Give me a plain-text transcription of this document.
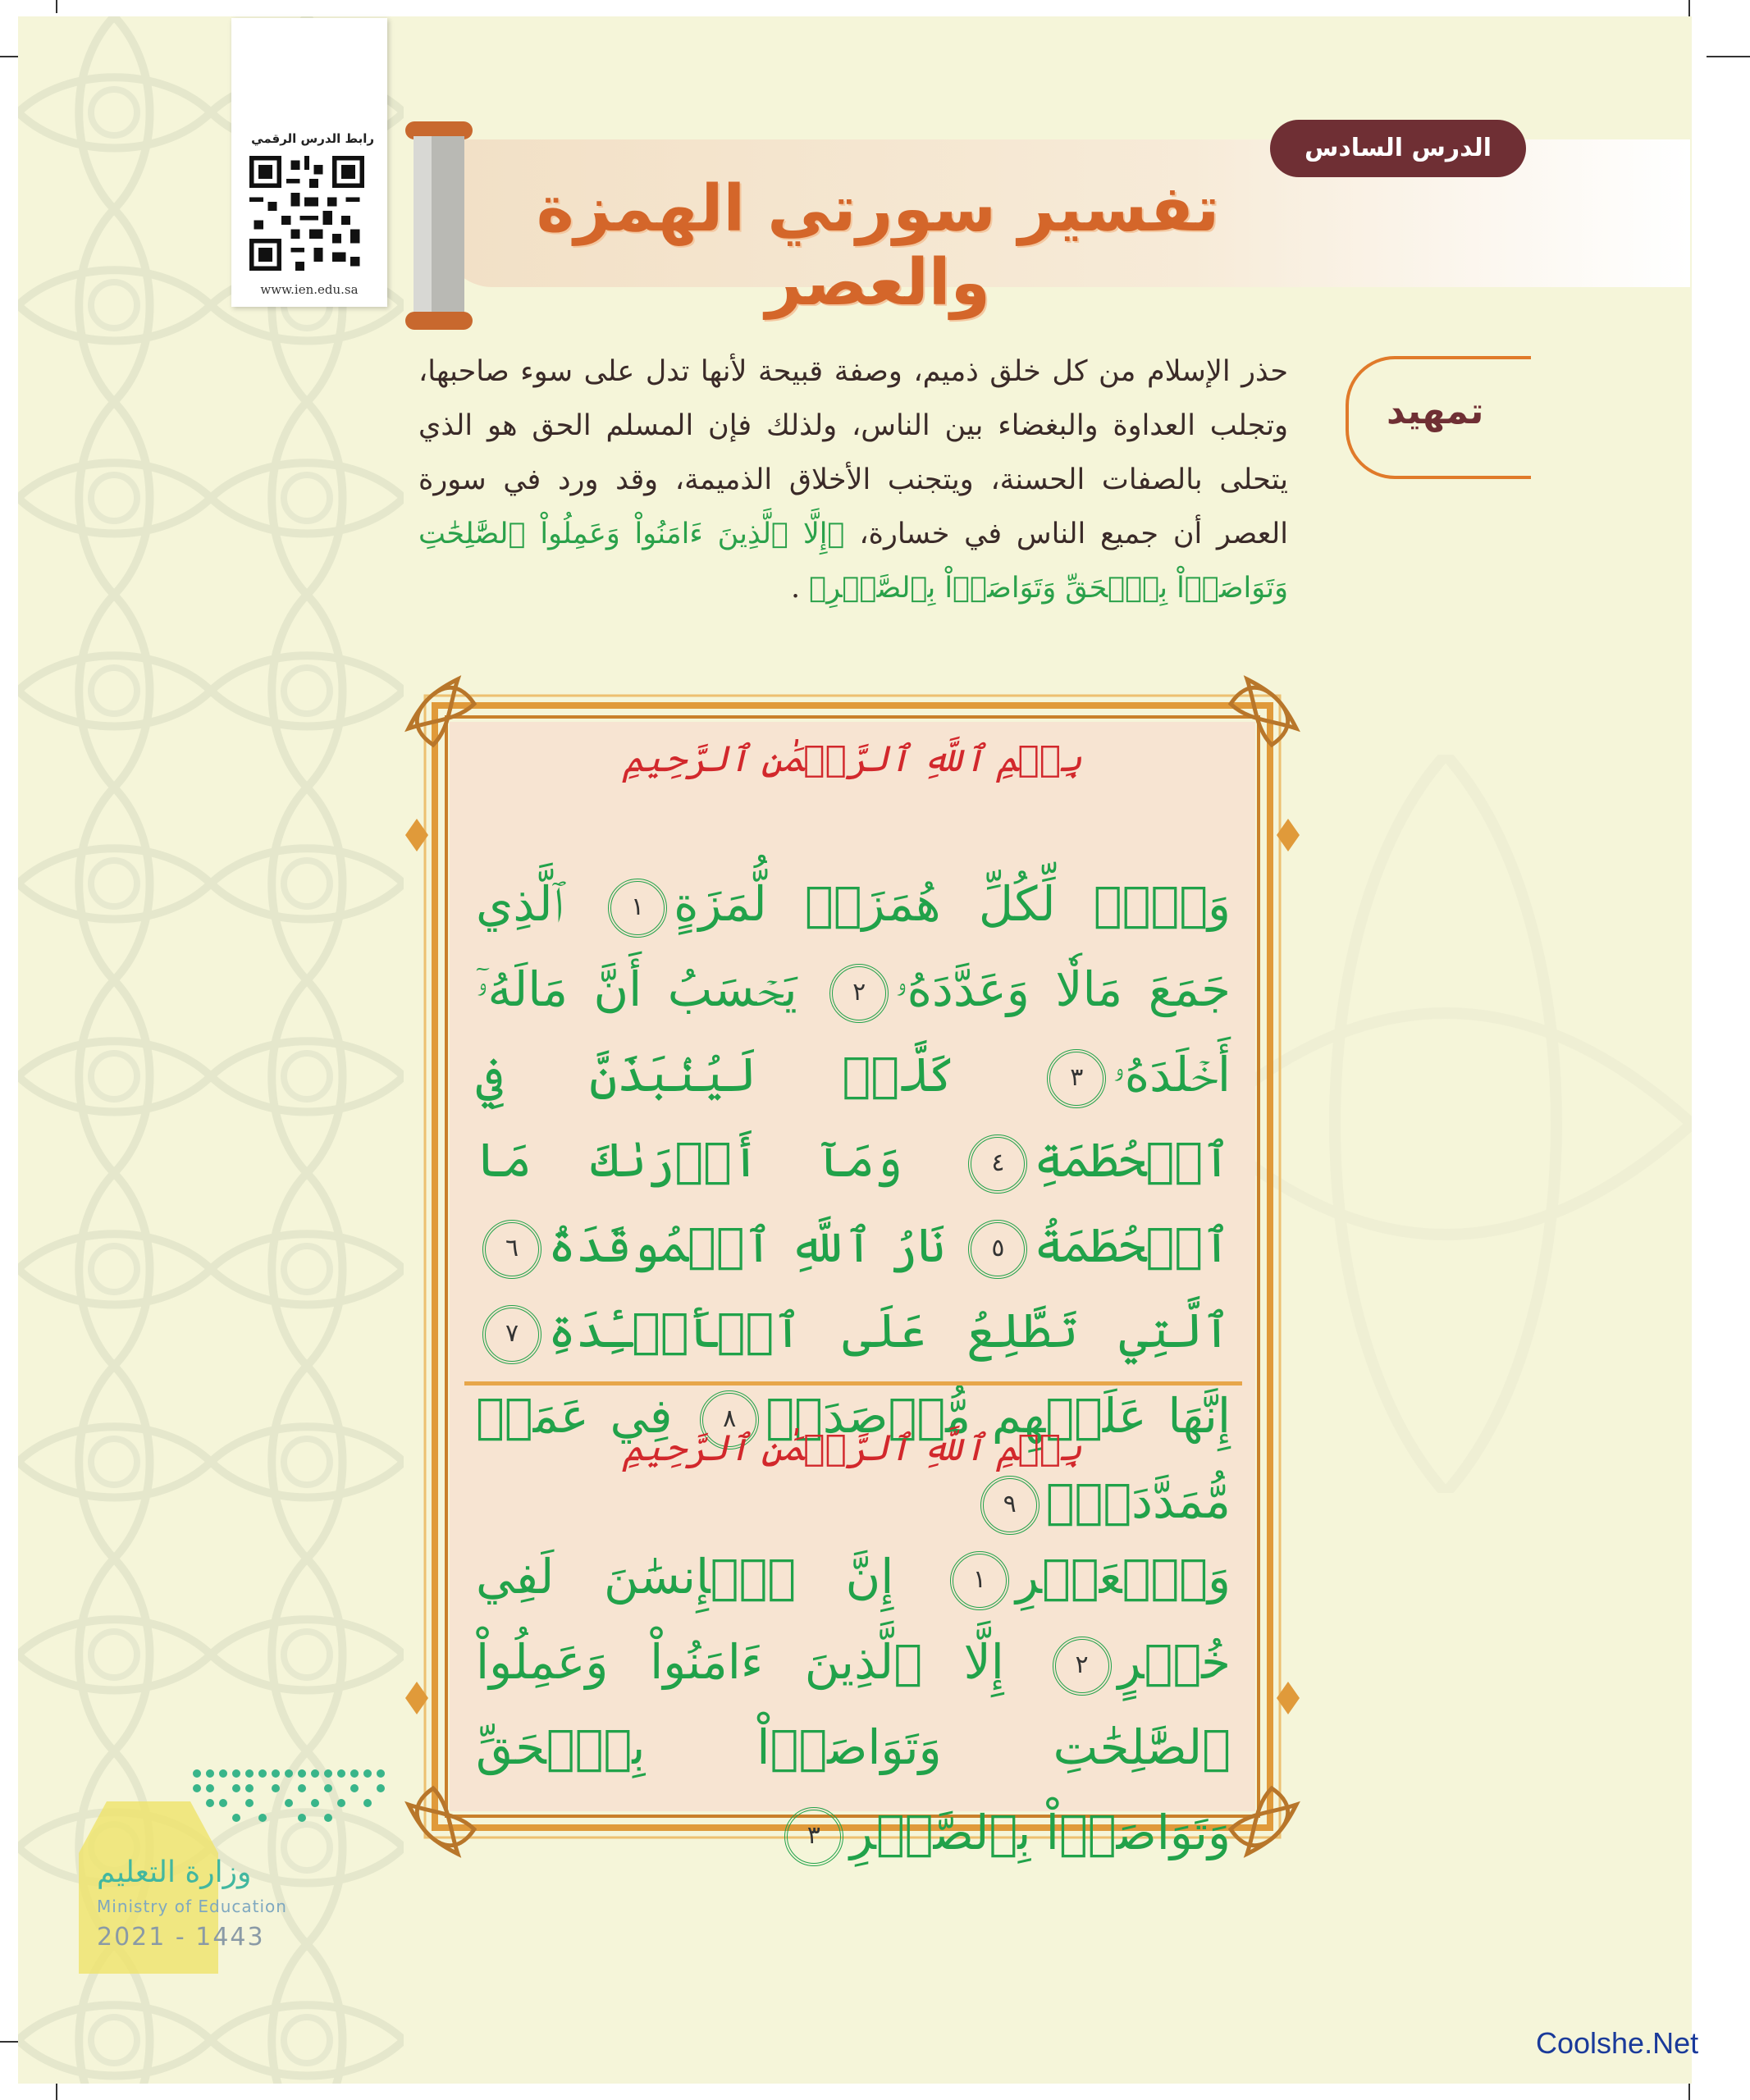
رابط الدرس الرقمي
www.ien.edu.sa
تفسير سورتي الهمزة والعصر
الدرس السادس
تمهيد
حذر الإسلام من كل خلق ذميم، وصفة قبيحة لأنها تدل على سوء صاحبها، وتجلب العداوة والبغضاء بين الناس، ولذلك فإن المسلم الحق هو الذي يتحلى بالصفات الحسنة، ويتجنب الأخلاق الذميمة، وقد ورد في سورة العصر أن جميع الناس في خسارة، ﴿إِلَّا ٱلَّذِينَ ءَامَنُواْ وَعَمِلُواْ ٱلصَّٰلِحَٰتِ وَتَوَاصَوۡاْ بِٱلۡحَقِّ وَتَوَاصَوۡاْ بِٱلصَّبۡرِ﴾ .
بِسۡمِ ٱللَّهِ ٱلرَّحۡمَٰنِ ٱلرَّحِيمِ
وَيۡلٞ لِّكُلِّ هُمَزَةٖ لُّمَزَةٍ١ ٱلَّذِي جَمَعَ مَالٗا وَعَدَّدَهُۥ٢ يَحۡسَبُ أَنَّ مَالَهُۥٓ أَخۡلَدَهُۥ٣ كَلَّاۖ لَيُنۢبَذَنَّ فِي ٱلۡحُطَمَةِ٤ وَمَآ أَدۡرَىٰكَ مَا ٱلۡحُطَمَةُ٥ نَارُ ٱللَّهِ ٱلۡمُوقَدَةُ٦ ٱلَّتِي تَطَّلِعُ عَلَى ٱلۡأَفۡـِٔدَةِ٧ إِنَّهَا عَلَيۡهِم مُّؤۡصَدَةٞ٨ فِي عَمَدٖ مُّمَدَّدَةِۭ٩
بِسۡمِ ٱللَّهِ ٱلرَّحۡمَٰنِ ٱلرَّحِيمِ
وَٱلۡعَصۡرِ١ إِنَّ ٱلۡإِنسَٰنَ لَفِي خُسۡرٍ٢ إِلَّا ٱلَّذِينَ ءَامَنُواْ وَعَمِلُواْ ٱلصَّٰلِحَٰتِ وَتَوَاصَوۡاْ بِٱلۡحَقِّ وَتَوَاصَوۡاْ بِٱلصَّبۡرِ٣
وزارة التعليم
Ministry of Education
2021 - 1443
Coolshe.Net
